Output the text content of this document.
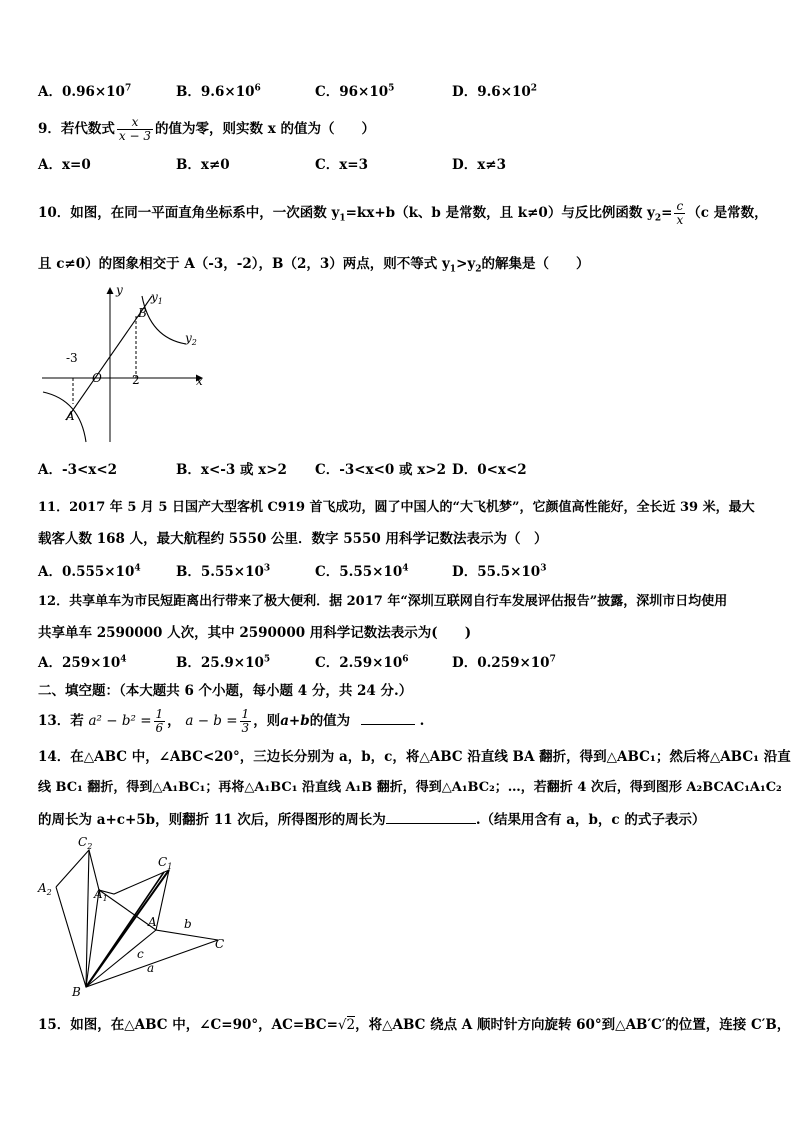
A．$0.96\times 10^7$	B．$9.6\times 10^6$	C．$96\times 10^5$	D．$9.6\times 10^2$
9．若代数式 $\frac{x}{x - 3}$ 的值为零，则实数 x 的值为（　　）
A．x=0	B．x≠0	C．x=3	D．x≠3
10．如图，在同一平面直角坐标系中，一次函数 $y_1=kx+b(k$、b 是常数，且 k≠0）与反比例函数 $y_2= \frac{c}{x} (c$ 是常数，
且 c≠0）的图象相交于 A（-3，-2），B（2，3）两点，则不等式 $y_1>y_2$的解集是（　　）
y $y_1$
B
$y_2$
-3
O	2	x
A
A．-3<x<2	B．x<-3 或 x>2 C．-3<x<0 或 x>2 D．0<x<2
11．2017 年 5 月 5 日国产大型客机 C919 首飞成功，圆了中国人的“大飞机梦”，它颜值高性能好，全长近 39 米，最大
载客人数 168 人，最大航程约 5550 公里．数字 5550 用科学记数法表示为（　）
A．$0.555\times 10^4$	B．$5.55\times 10^3$	C．$5.55\times 10^4$	D．$55.5\times 10^3$
12．共享单车为市民短距离出行带来了极大便利．据 2017 年“深圳互联网自行车发展评估报告”披露，深圳市日均使用
共享单车 2590000 人次，其中 2590000 用科学记数法表示为(　　)
A．$259\times 10^4$	B．$25.9\times 10^5$	C．$2.59\times 10^6$	D．$0.259\times 10^7$
二、填空题：（本大题共 6 个小题，每小题 4 分，共 24 分.）
13．若 $a^2 - b^2 = \frac{1}{6}$ ， $a - b = \frac{1}{3}$ ，则a+b的值为	.
14．在△ABC 中，∠ABC<20°，三边长分别为 a，b，c，将△ABC 沿直线 BA 翻折，得到△ABC₁；然后将△ABC₁ 沿直
线 BC₁ 翻折，得到△A₁BC₁；再将△A₁BC₁ 沿直线 A₁B 翻折，得到△A₁BC₂；…，若翻折 4 次后，得到图形 A₂BCAC₁A₁C₂
的周长为 a+c+5b，则翻折 11 次后，所得图形的周长为	.（结果用含有 a，b，c 的式子表示）
$C_2$
$A_2$	$A_1$
$C_1$
A b
C
c
a
B
15．如图，在△ABC 中，∠C=90°，AC=BC=√2，将△ABC 绕点 A 顺时针方向旋转 60°到△AB′C′的位置，连接 C′B，
